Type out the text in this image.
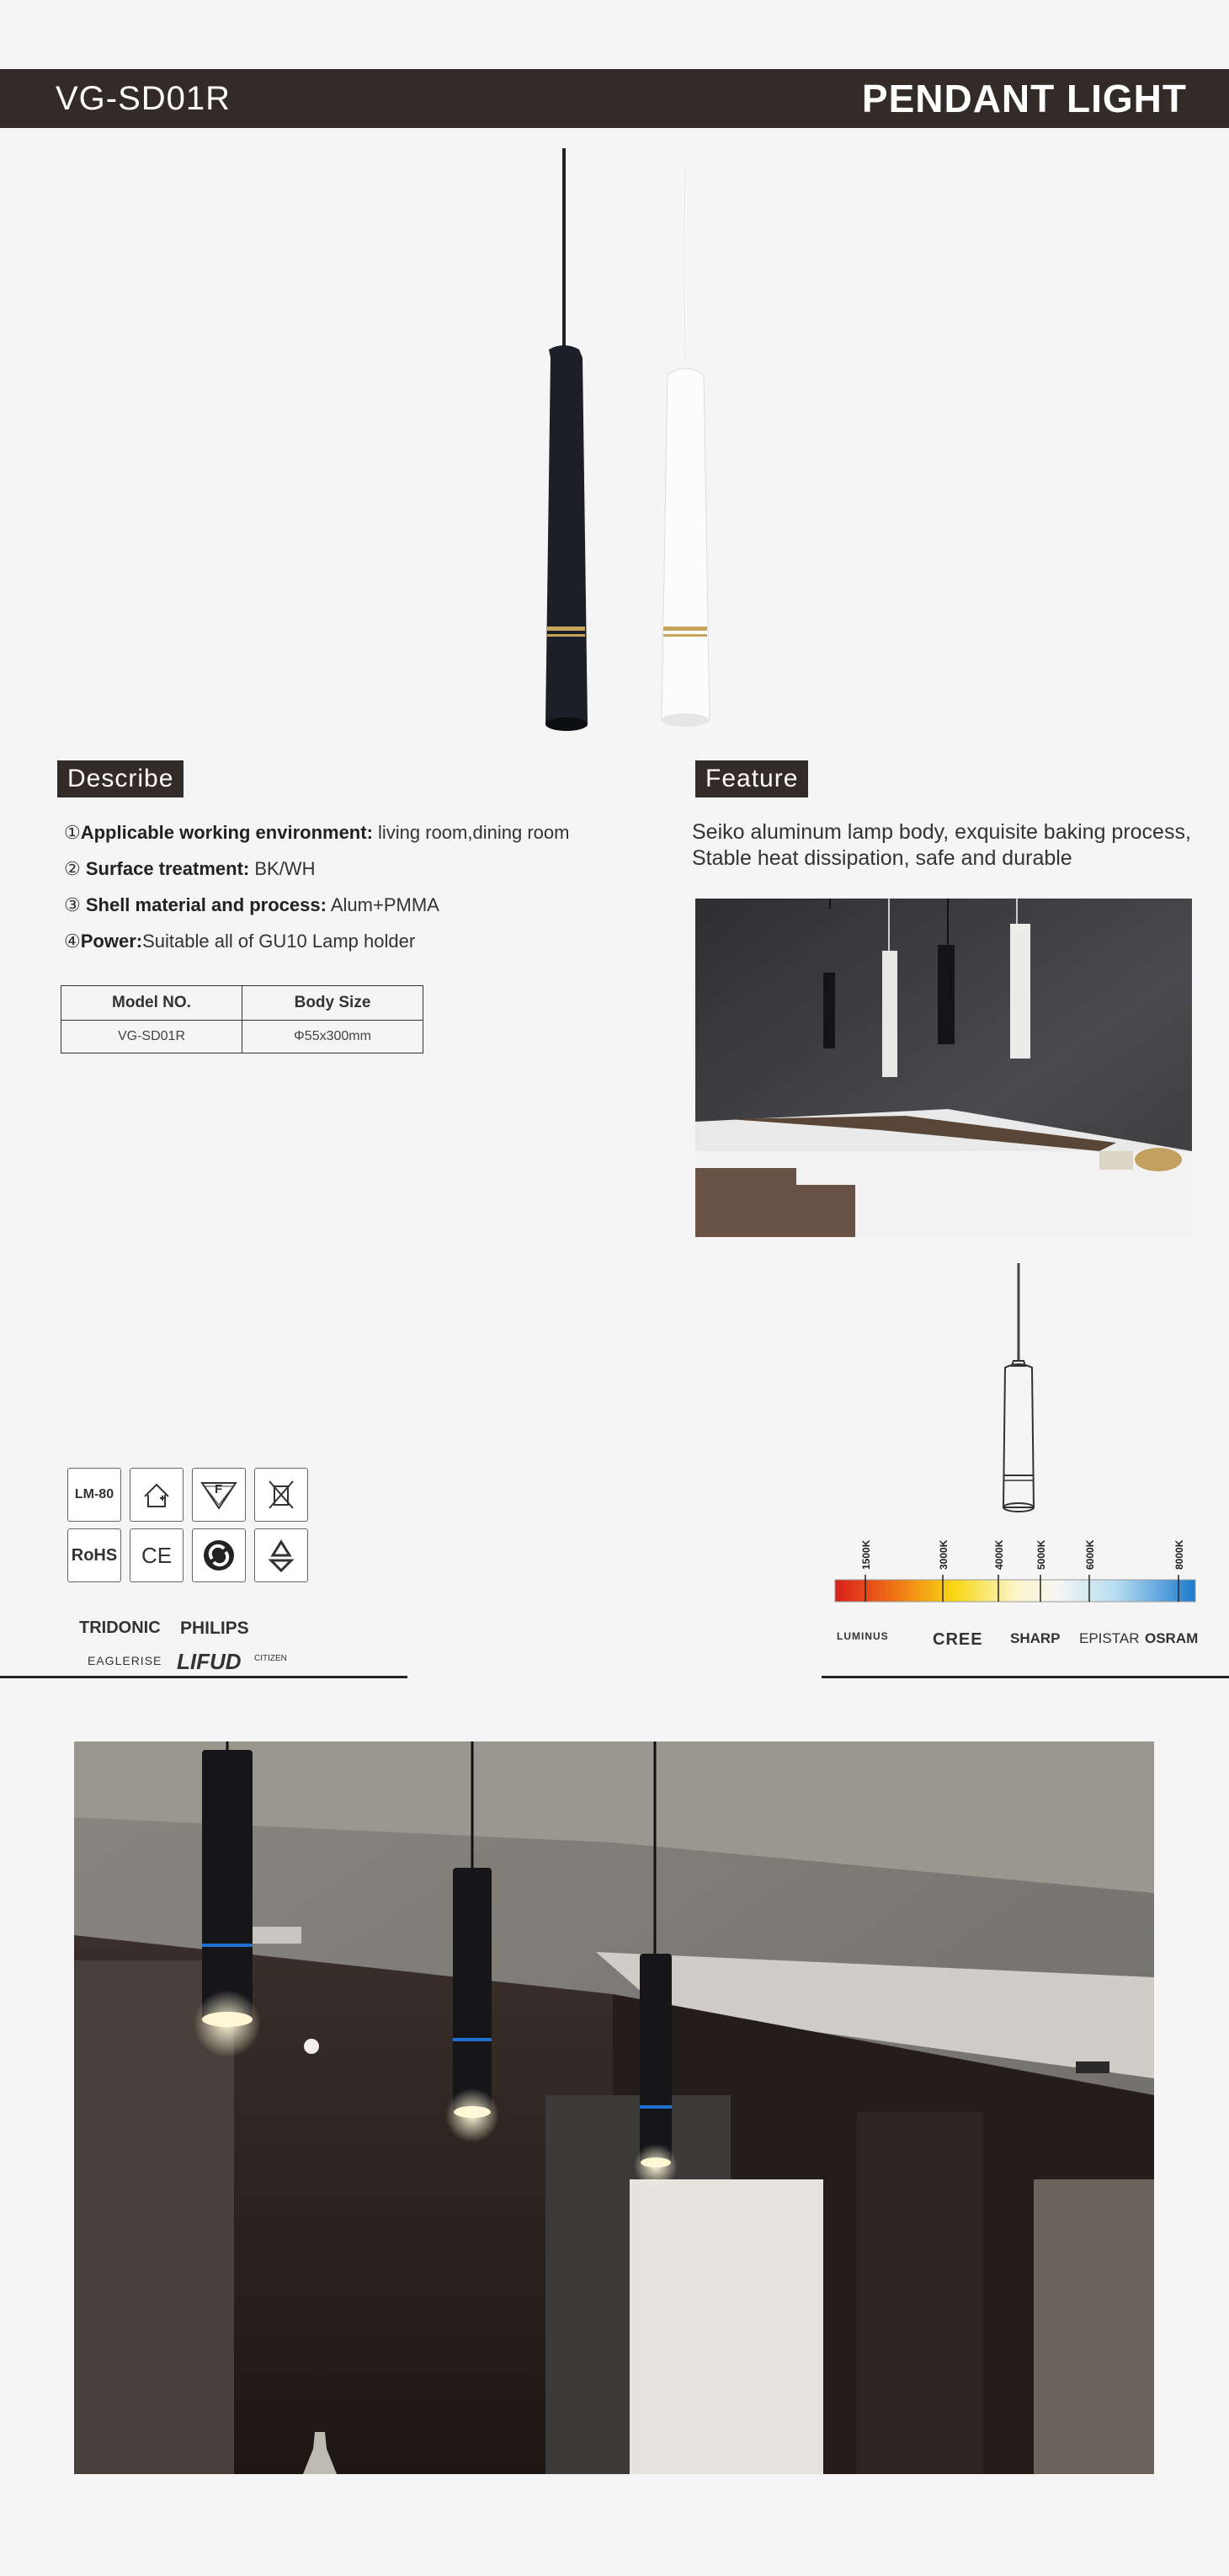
VG-SD01R	PENDANT LIGHT
Describe
①Applicable working environment: living room,dining room
② Surface treatment: BK/WH
③ Shell material and process: Alum+PMMA
④Power:Suitable all of GU10 Lamp holder
Model NO.	Body Size
VG-SD01R	Φ55x300mm
Feature
Seiko aluminum lamp body, exquisite baking process,
Stable heat dissipation, safe and durable
LM-80	F
RoHS	CE
TRIDONIC PHILIPS
EAGLERISE LIFUD CITIZEN
1500K	3000K	4000K	5000K	6000K	8000K
LUMINUS	CREE SHARP EPISTAR OSRAM
